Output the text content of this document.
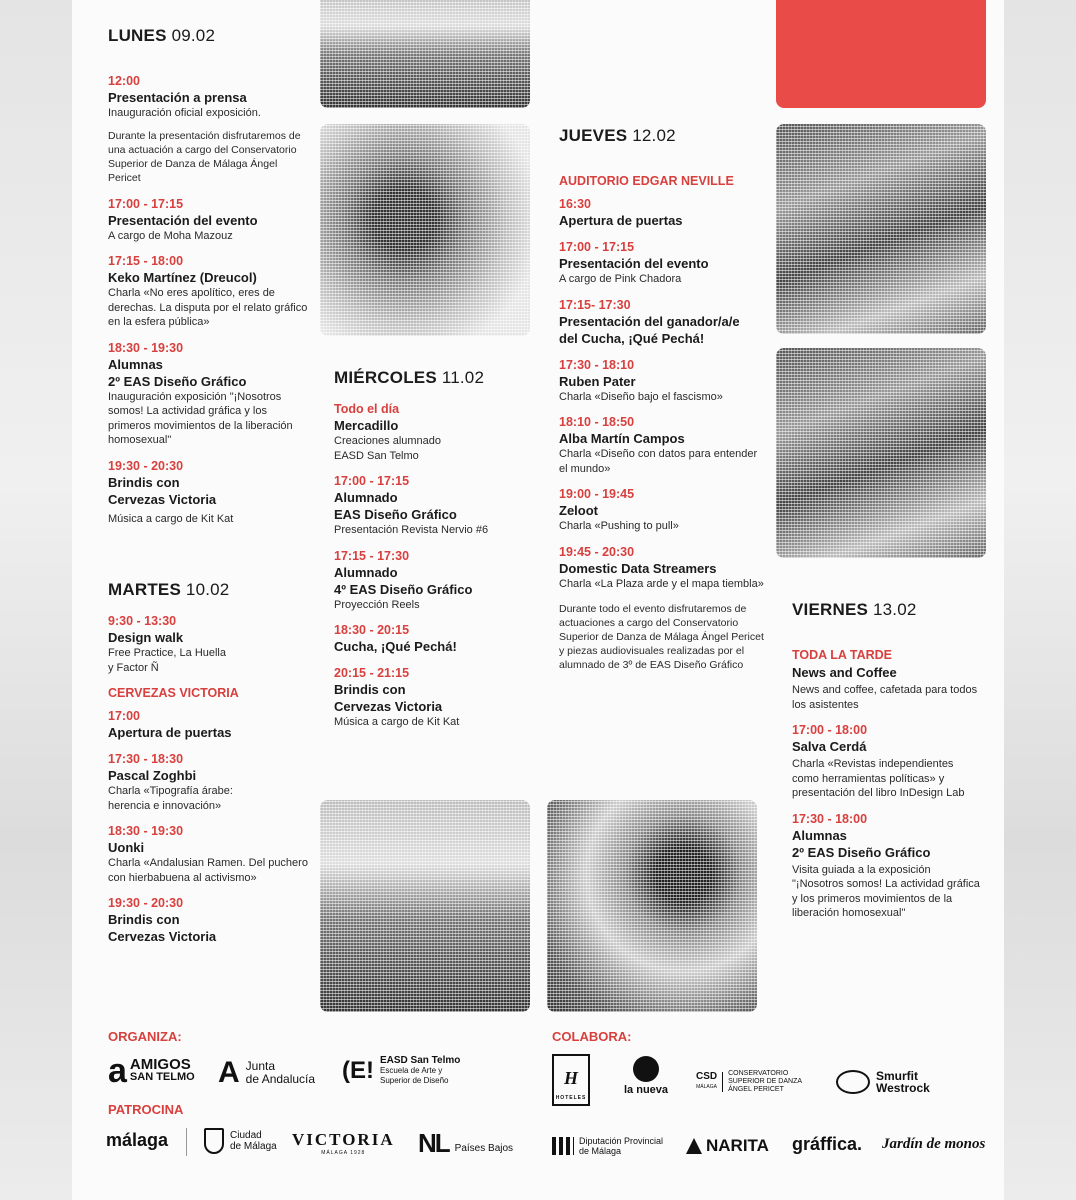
LUNES 09.02
12:00
Presentación a prensa
Inauguración oficial exposición.
Durante la presentación disfrutaremos de una actuación a cargo del Conservatorio Superior de Danza de Málaga Ángel Pericet
17:00 - 17:15
Presentación del evento
A cargo de Moha Mazouz
17:15 - 18:00
Keko Martínez (Dreucol)
Charla «No eres apolítico, eres de derechas. La disputa por el relato gráfico en la esfera pública»
18:30 - 19:30
Alumnas
2º EAS Diseño Gráfico
Inauguración exposición "¡Nosotros somos! La actividad gráfica y los primeros movimientos de la liberación homosexual"
19:30 - 20:30
Brindis con
Cervezas Victoria
Música a cargo de Kit Kat
MARTES 10.02
9:30 - 13:30
Design walk
Free Practice, La Huella
y Factor Ñ
CERVEZAS VICTORIA
17:00
Apertura de puertas
17:30 - 18:30
Pascal Zoghbi
Charla «Tipografía árabe:
herencia e innovación»
18:30 - 19:30
Uonki
Charla «Andalusian Ramen. Del puchero con hierbabuena al activismo»
19:30 - 20:30
Brindis con
Cervezas Victoria
MIÉRCOLES 11.02
Todo el día
Mercadillo
Creaciones alumnado
EASD San Telmo
17:00 - 17:15
Alumnado
EAS Diseño Gráfico
Presentación Revista Nervio #6
17:15 - 17:30
Alumnado
4º EAS Diseño Gráfico
Proyección Reels
18:30 - 20:15
Cucha, ¡Qué Pechá!
20:15 - 21:15
Brindis con
Cervezas Victoria
Música a cargo de Kit Kat
JUEVES 12.02
AUDITORIO EDGAR NEVILLE
16:30
Apertura de puertas
17:00 - 17:15
Presentación del evento
A cargo de Pink Chadora
17:15- 17:30
Presentación del ganador/a/e
del Cucha, ¡Qué Pechá!
17:30 - 18:10
Ruben Pater
Charla «Diseño bajo el fascismo»
18:10 - 18:50
Alba Martín Campos
Charla «Diseño con datos para entender el mundo»
19:00 - 19:45
Zeloot
Charla «Pushing to pull»
19:45 - 20:30
Domestic Data Streamers
Charla «La Plaza arde y el mapa tiembla»
Durante todo el evento disfrutaremos de actuaciones a cargo del Conservatorio Superior de Danza de Málaga Ángel Pericet y piezas audiovisuales realizadas por el alumnado de 3º de EAS Diseño Gráfico
VIERNES 13.02
TODA LA TARDE
News and Coffee
News and coffee, cafetada para todos los asistentes
17:00 - 18:00
Salva Cerdá
Charla «Revistas independientes como herramientas políticas» y presentación del libro InDesign Lab
17:30 - 18:00
Alumnas
2º EAS Diseño Gráfico
Visita guiada a la exposición "¡Nosotros somos! La actividad gráfica y los primeros movimientos de la liberación homosexual"
ORGANIZA:	COLABORA:
PATROCINA
a AMIGOS
SAN TELMO A Junta
de Andalucía (E! EASD San Telmo
Escuela de Arte y
Superior de Diseño	H
HOTELES
la nueva
CSD
MÁLAGA
CONSERVATORIO
SUPERIOR DE DANZA
ÁNGEL PERICET
Smurfit
Westrock
málaga	Ciudad
de Málaga VICTORIA
MÁLAGA 1928 NL Países Bajos
Diputación Provincial
de Málaga	NARITA gráffica. Jardín de monos
